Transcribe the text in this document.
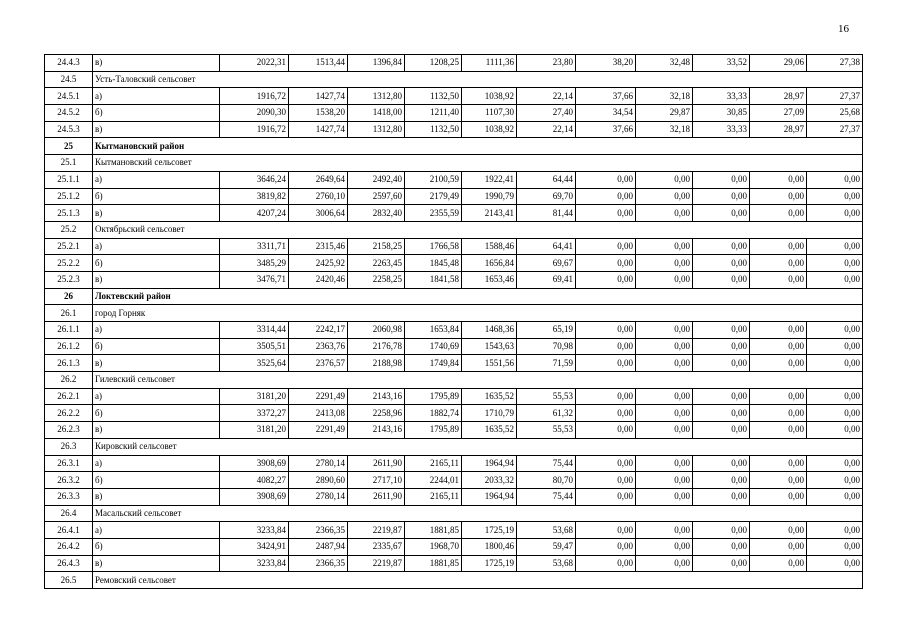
16
24.4.3	в)	2022,31	1513,44	1396,84	1208,25	1111,36	23,80	38,20	32,48	33,52	29,06	27,38
24.5	Усть-Таловский сельсовет											
24.5.1	а)	1916,72	1427,74	1312,80	1132,50	1038,92	22,14	37,66	32,18	33,33	28,97	27,37
24.5.2	б)	2090,30	1538,20	1418,00	1211,40	1107,30	27,40	34,54	29,87	30,85	27,09	25,68
24.5.3	в)	1916,72	1427,74	1312,80	1132,50	1038,92	22,14	37,66	32,18	33,33	28,97	27,37
25	Кытмановский район											
25.1	Кытмановский сельсовет											
25.1.1	а)	3646,24	2649,64	2492,40	2100,59	1922,41	64,44	0,00	0,00	0,00	0,00	0,00
25.1.2	б)	3819,82	2760,10	2597,60	2179,49	1990,79	69,70	0,00	0,00	0,00	0,00	0,00
25.1.3	в)	4207,24	3006,64	2832,40	2355,59	2143,41	81,44	0,00	0,00	0,00	0,00	0,00
25.2	Октябрьский сельсовет											
25.2.1	а)	3311,71	2315,46	2158,25	1766,58	1588,46	64,41	0,00	0,00	0,00	0,00	0,00
25.2.2	б)	3485,29	2425,92	2263,45	1845,48	1656,84	69,67	0,00	0,00	0,00	0,00	0,00
25.2.3	в)	3476,71	2420,46	2258,25	1841,58	1653,46	69,41	0,00	0,00	0,00	0,00	0,00
26	Локтевский район											
26.1	город Горняк											
26.1.1	а)	3314,44	2242,17	2060,98	1653,84	1468,36	65,19	0,00	0,00	0,00	0,00	0,00
26.1.2	б)	3505,51	2363,76	2176,78	1740,69	1543,63	70,98	0,00	0,00	0,00	0,00	0,00
26.1.3	в)	3525,64	2376,57	2188,98	1749,84	1551,56	71,59	0,00	0,00	0,00	0,00	0,00
26.2	Гилевский сельсовет											
26.2.1	а)	3181,20	2291,49	2143,16	1795,89	1635,52	55,53	0,00	0,00	0,00	0,00	0,00
26.2.2	б)	3372,27	2413,08	2258,96	1882,74	1710,79	61,32	0,00	0,00	0,00	0,00	0,00
26.2.3	в)	3181,20	2291,49	2143,16	1795,89	1635,52	55,53	0,00	0,00	0,00	0,00	0,00
26.3	Кировский сельсовет											
26.3.1	а)	3908,69	2780,14	2611,90	2165,11	1964,94	75,44	0,00	0,00	0,00	0,00	0,00
26.3.2	б)	4082,27	2890,60	2717,10	2244,01	2033,32	80,70	0,00	0,00	0,00	0,00	0,00
26.3.3	в)	3908,69	2780,14	2611,90	2165,11	1964,94	75,44	0,00	0,00	0,00	0,00	0,00
26.4	Масальский сельсовет											
26.4.1	а)	3233,84	2366,35	2219,87	1881,85	1725,19	53,68	0,00	0,00	0,00	0,00	0,00
26.4.2	б)	3424,91	2487,94	2335,67	1968,70	1800,46	59,47	0,00	0,00	0,00	0,00	0,00
26.4.3	в)	3233,84	2366,35	2219,87	1881,85	1725,19	53,68	0,00	0,00	0,00	0,00	0,00
26.5	Ремовский сельсовет											
